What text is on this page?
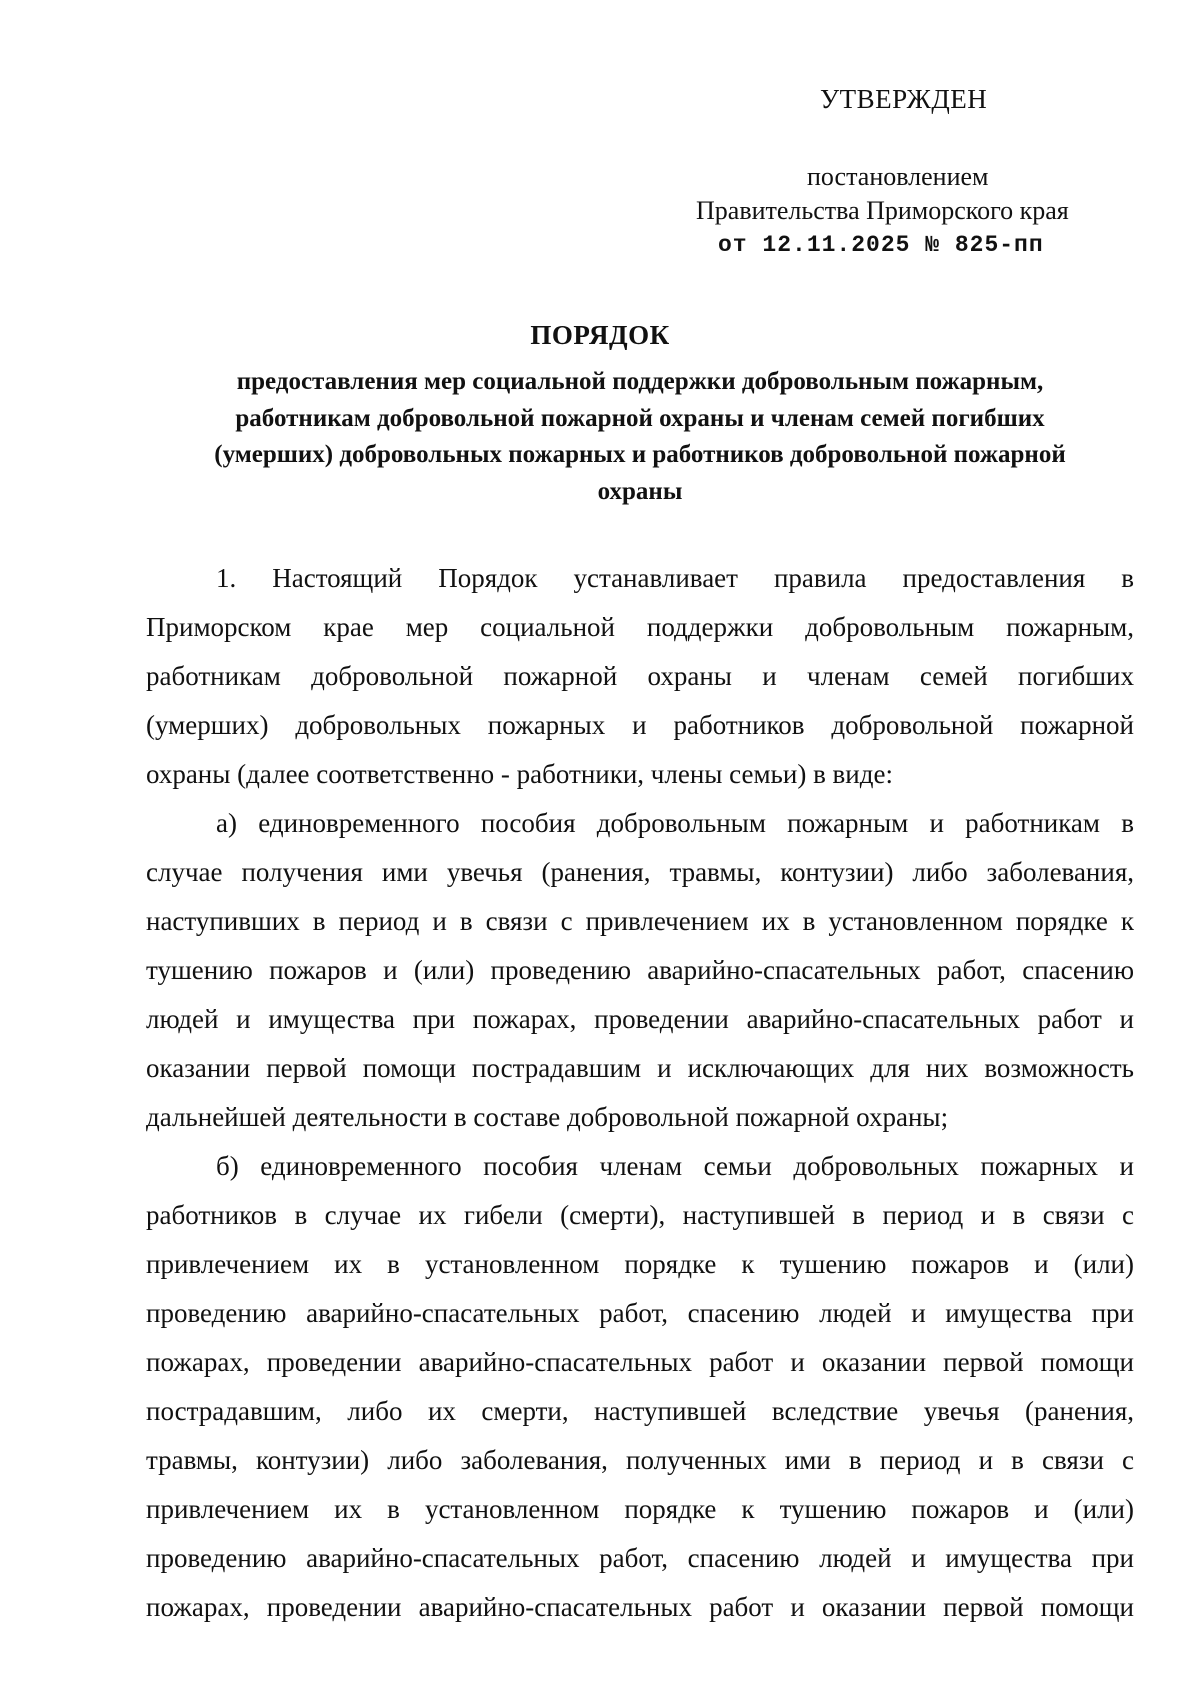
УТВЕРЖДЕН
постановлением
Правительства Приморского края
от 12.11.2025 № 825-пп
ПОРЯДОК
предоставления мер социальной поддержки добровольным пожарным,
работникам добровольной пожарной охраны и членам семей погибших
(умерших) добровольных пожарных и работников добровольной пожарной
охраны
1. Настоящий Порядок устанавливает правила предоставления в
Приморском крае мер социальной поддержки добровольным пожарным,
работникам добровольной пожарной охраны и членам семей погибших
(умерших) добровольных пожарных и работников добровольной пожарной
охраны (далее соответственно - работники, члены семьи) в виде:
а) единовременного пособия добровольным пожарным и работникам в
случае получения ими увечья (ранения, травмы, контузии) либо заболевания,
наступивших в период и в связи с привлечением их в установленном порядке к
тушению пожаров и (или) проведению аварийно-спасательных работ, спасению
людей и имущества при пожарах, проведении аварийно-спасательных работ и
оказании первой помощи пострадавшим и исключающих для них возможность
дальнейшей деятельности в составе добровольной пожарной охраны;
б) единовременного пособия членам семьи добровольных пожарных и
работников в случае их гибели (смерти), наступившей в период и в связи с
привлечением их в установленном порядке к тушению пожаров и (или)
проведению аварийно-спасательных работ, спасению людей и имущества при
пожарах, проведении аварийно-спасательных работ и оказании первой помощи
пострадавшим, либо их смерти, наступившей вследствие увечья (ранения,
травмы, контузии) либо заболевания, полученных ими в период и в связи с
привлечением их в установленном порядке к тушению пожаров и (или)
проведению аварийно-спасательных работ, спасению людей и имущества при
пожарах, проведении аварийно-спасательных работ и оказании первой помощи
